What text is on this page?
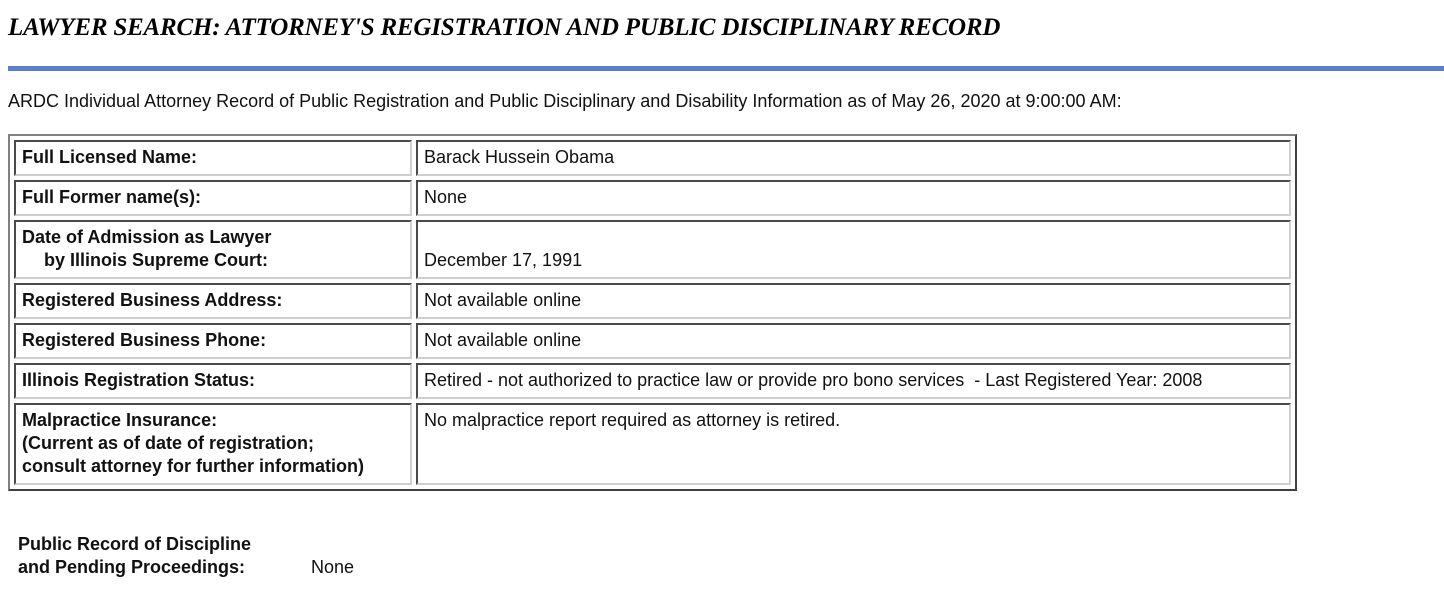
LAWYER SEARCH: ATTORNEY'S REGISTRATION AND PUBLIC DISCIPLINARY RECORD
ARDC Individual Attorney Record of Public Registration and Public Disciplinary and Disability Information as of May 26, 2020 at 9:00:00 AM:
Full Licensed Name:	Barack Hussein Obama

Full Former name(s):	None

Date of Admission as Lawyer
by Illinois Supreme Court:	December 17, 1991

Registered Business Address:	Not available online

Registered Business Phone:	Not available online

Illinois Registration Status:	Retired - not authorized to practice law or provide pro bono services  - Last Registered Year: 2008

Malpractice Insurance:
(Current as of date of registration;
consult attorney for further information)	No malpractice report required as attorney is retired.
Public Record of Discipline
and Pending Proceedings:	None
